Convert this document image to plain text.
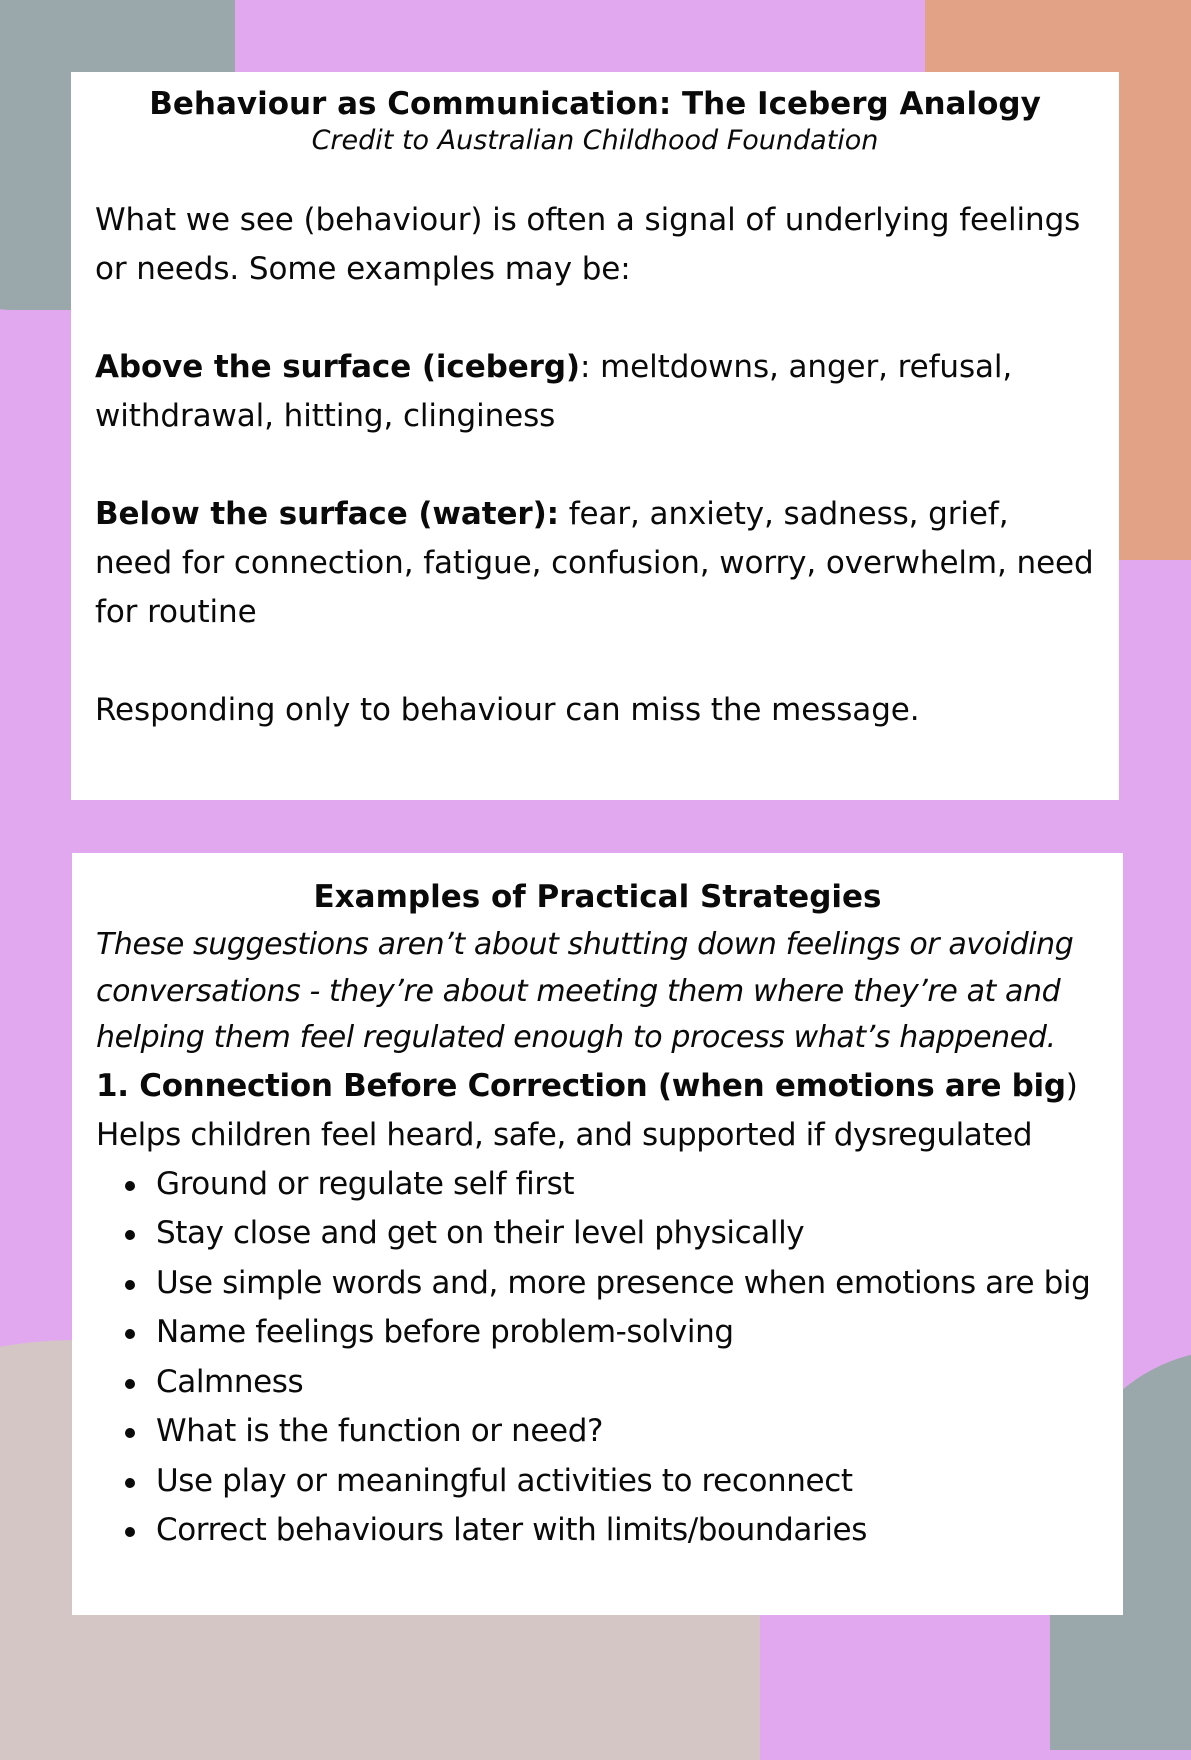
Behaviour as Communication: The Iceberg Analogy

Credit to Australian Childhood Foundation

What we see (behaviour) is often a signal of underlying feelings or needs. Some examples may be:

Above the surface (iceberg): meltdowns, anger, refusal, withdrawal, hitting, clinginess

Below the surface (water): fear, anxiety, sadness, grief, need for connection, fatigue, confusion, worry, overwhelm, need for routine

Responding only to behaviour can miss the message.

Examples of Practical Strategies

These suggestions aren’t about shutting down feelings or avoiding conversations - they’re about meeting them where they’re at and helping them feel regulated enough to process what’s happened.

1. Connection Before Correction (when emotions are big)

Helps children feel heard, safe, and supported if dysregulated

Ground or regulate self first
Stay close and get on their level physically
Use simple words and, more presence when emotions are big
Name feelings before problem-solving
Calmness
What is the function or need?
Use play or meaningful activities to reconnect
Correct behaviours later with limits/boundaries
